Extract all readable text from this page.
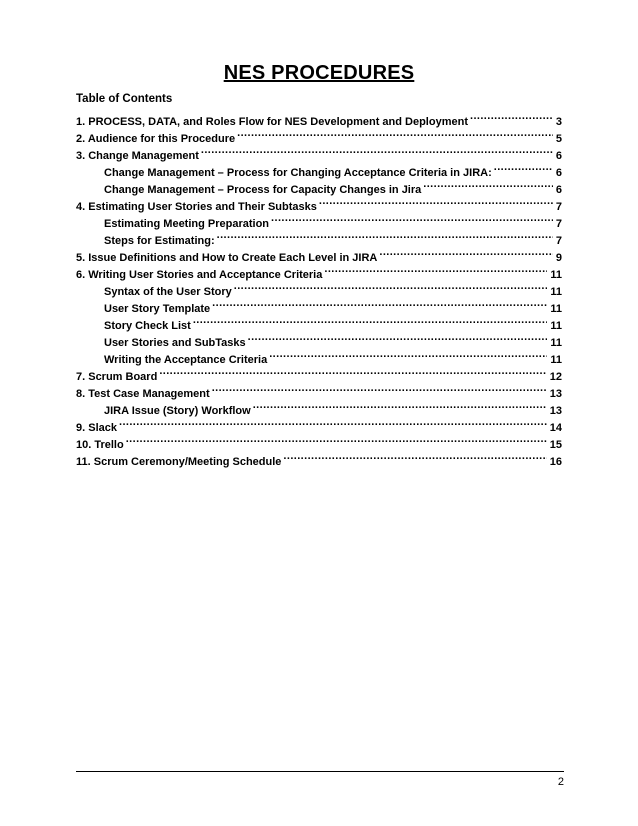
NES PROCEDURES
Table of Contents
1. PROCESS, DATA, and Roles Flow for NES Development and Deployment .....	3
2. Audience for this Procedure .....	5
3. Change Management .....	6
Change Management – Process for Changing Acceptance Criteria in JIRA: .....	6
Change Management – Process for Capacity Changes in Jira .....	6
4. Estimating User Stories and Their Subtasks .....	7
Estimating Meeting Preparation .....	7
Steps for Estimating: .....	7
5. Issue Definitions and How to Create Each Level in JIRA .....	9
6. Writing User Stories and Acceptance Criteria .....	11
Syntax of the User Story .....	11
User Story Template .....	11
Story Check List .....	11
User Stories and SubTasks .....	11
Writing the Acceptance Criteria .....	11
7. Scrum Board .....	12
8. Test Case Management .....	13
JIRA Issue (Story) Workflow .....	13
9. Slack .....	14
10. Trello .....	15
11. Scrum Ceremony/Meeting Schedule .....	16
2
